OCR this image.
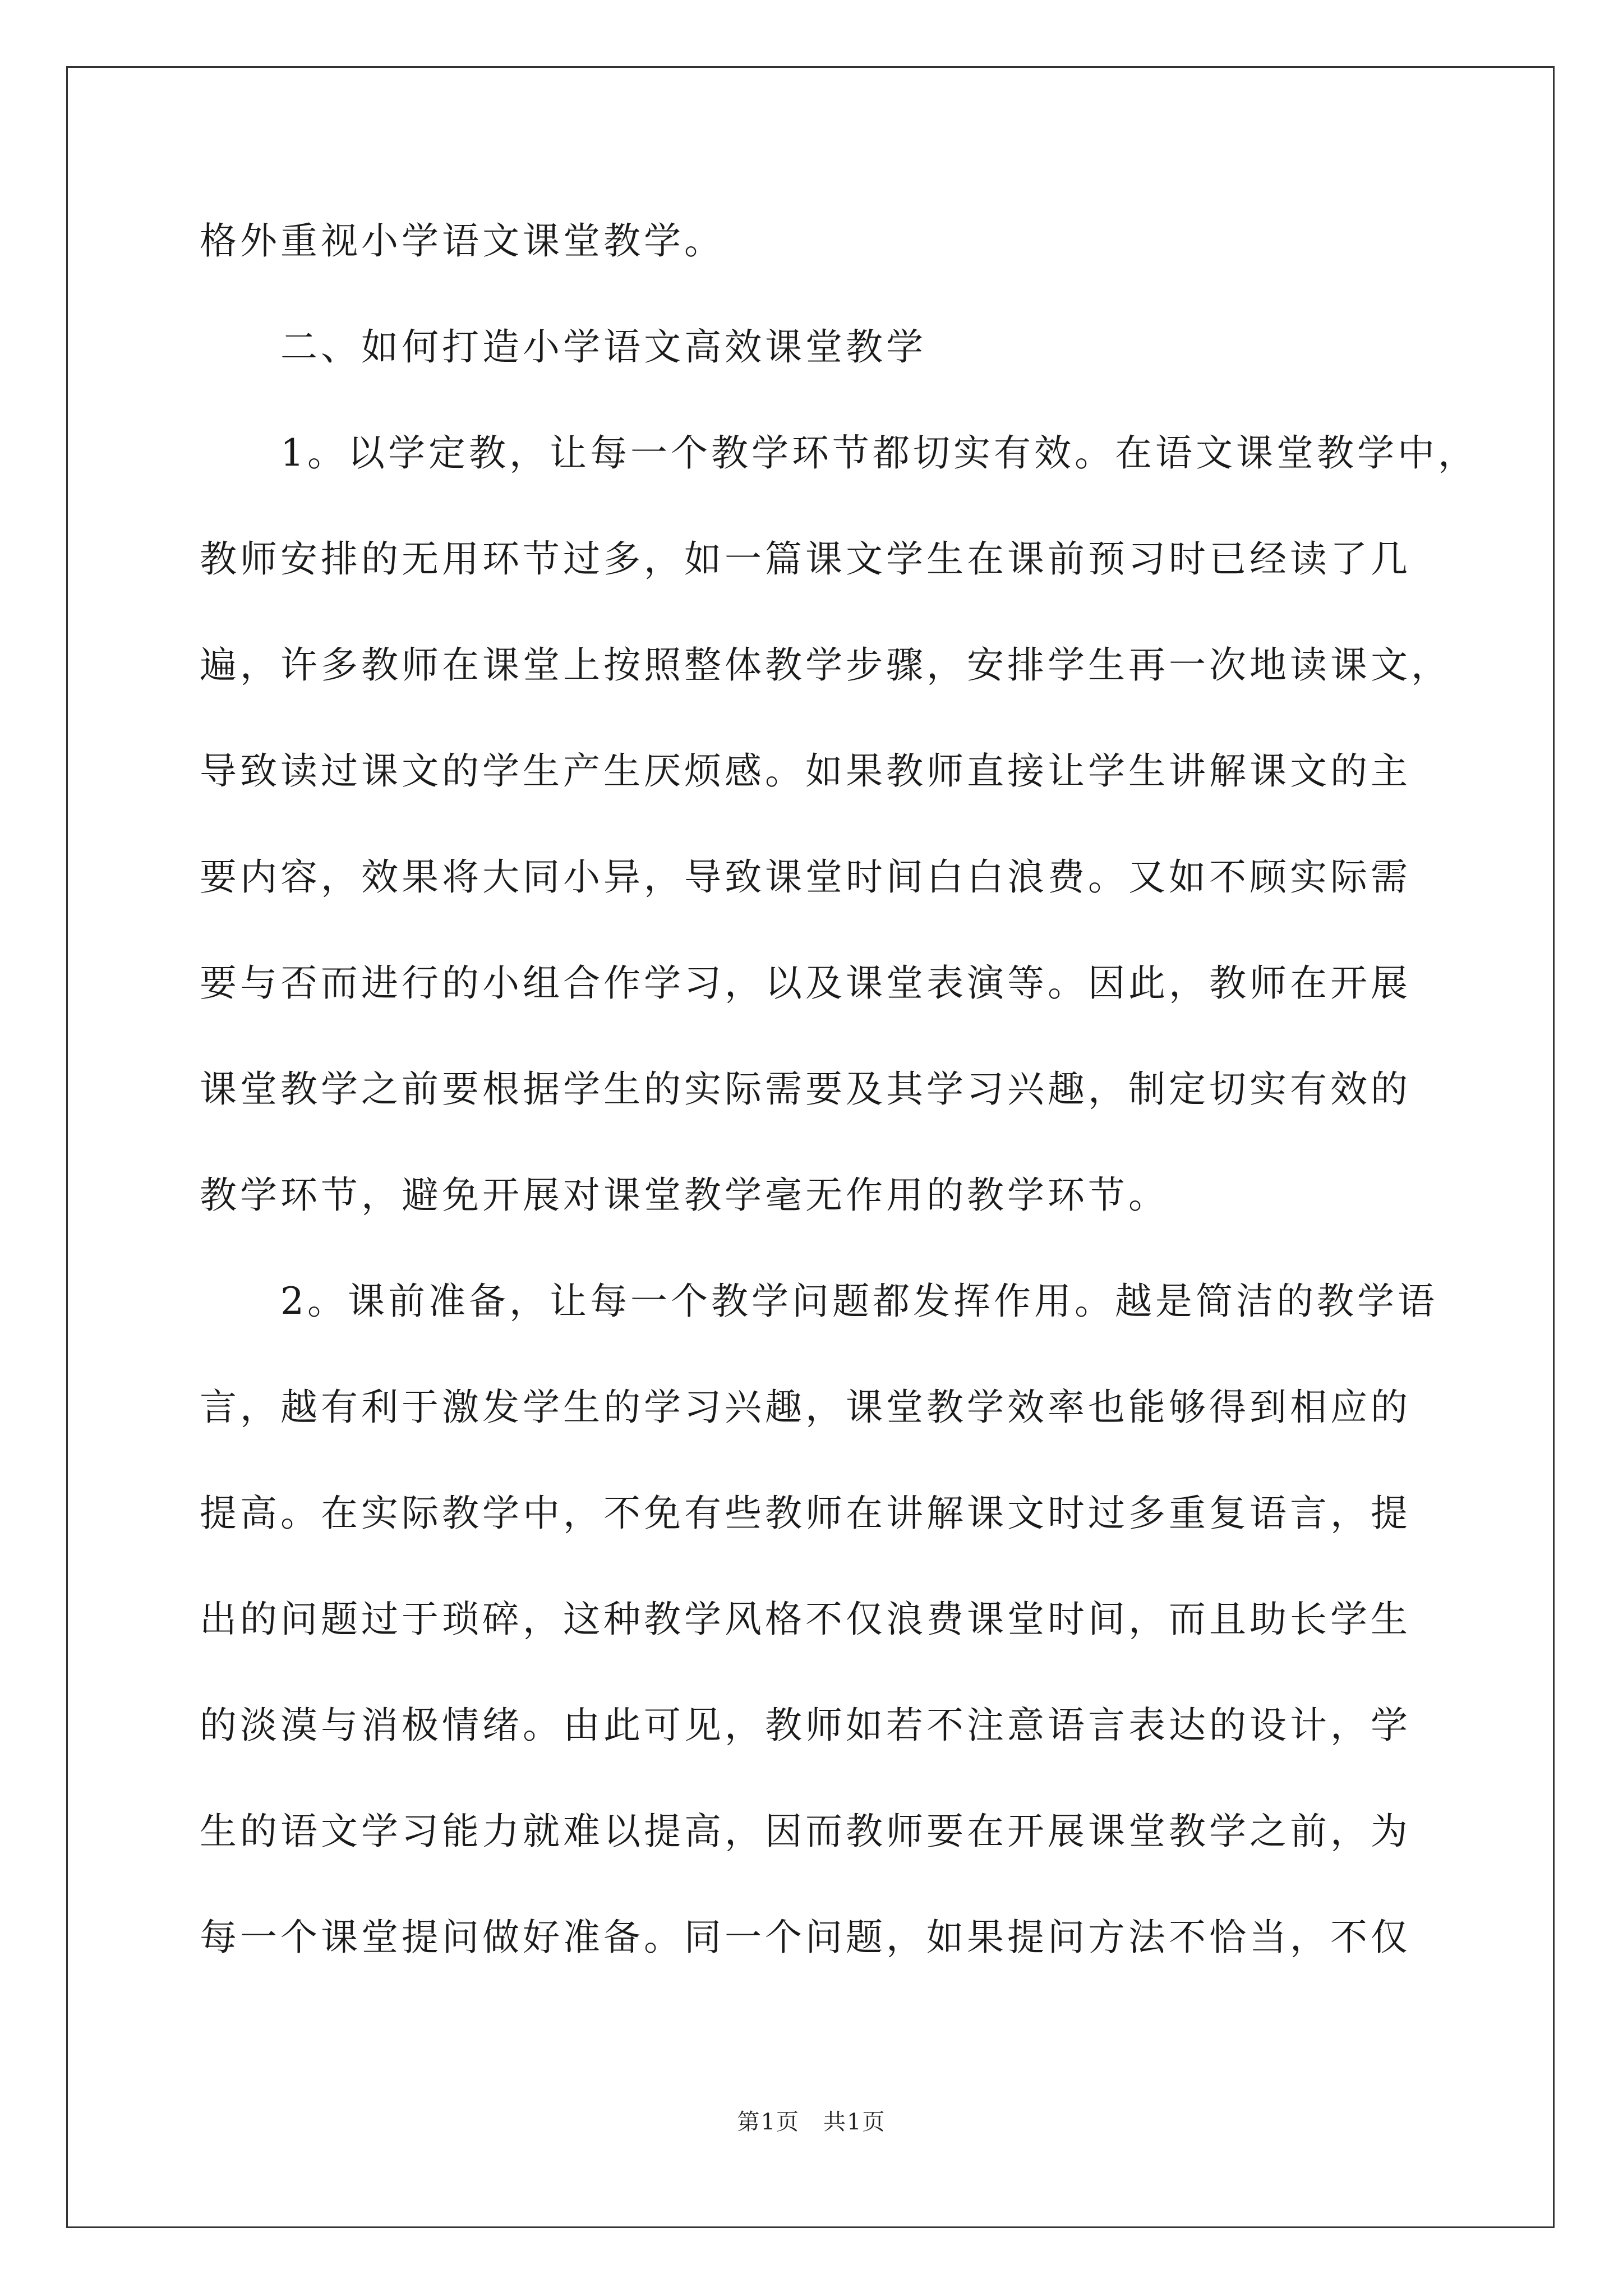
格外重视小学语文课堂教学。
　　二、如何打造小学语文高效课堂教学
　　1。以学定教，让每一个教学环节都切实有效。在语文课堂教学中，
教师安排的无用环节过多，如一篇课文学生在课前预习时已经读了几
遍，许多教师在课堂上按照整体教学步骤，安排学生再一次地读课文，
导致读过课文的学生产生厌烦感。如果教师直接让学生讲解课文的主
要内容，效果将大同小异，导致课堂时间白白浪费。又如不顾实际需
要与否而进行的小组合作学习，以及课堂表演等。因此，教师在开展
课堂教学之前要根据学生的实际需要及其学习兴趣，制定切实有效的
教学环节，避免开展对课堂教学毫无作用的教学环节。
　　2。课前准备，让每一个教学问题都发挥作用。越是简洁的教学语
言，越有利于激发学生的学习兴趣，课堂教学效率也能够得到相应的
提高。在实际教学中，不免有些教师在讲解课文时过多重复语言，提
出的问题过于琐碎，这种教学风格不仅浪费课堂时间，而且助长学生
的淡漠与消极情绪。由此可见，教师如若不注意语言表达的设计，学
生的语文学习能力就难以提高，因而教师要在开展课堂教学之前，为
每一个课堂提问做好准备。同一个问题，如果提问方法不恰当，不仅
第1页　共1页
